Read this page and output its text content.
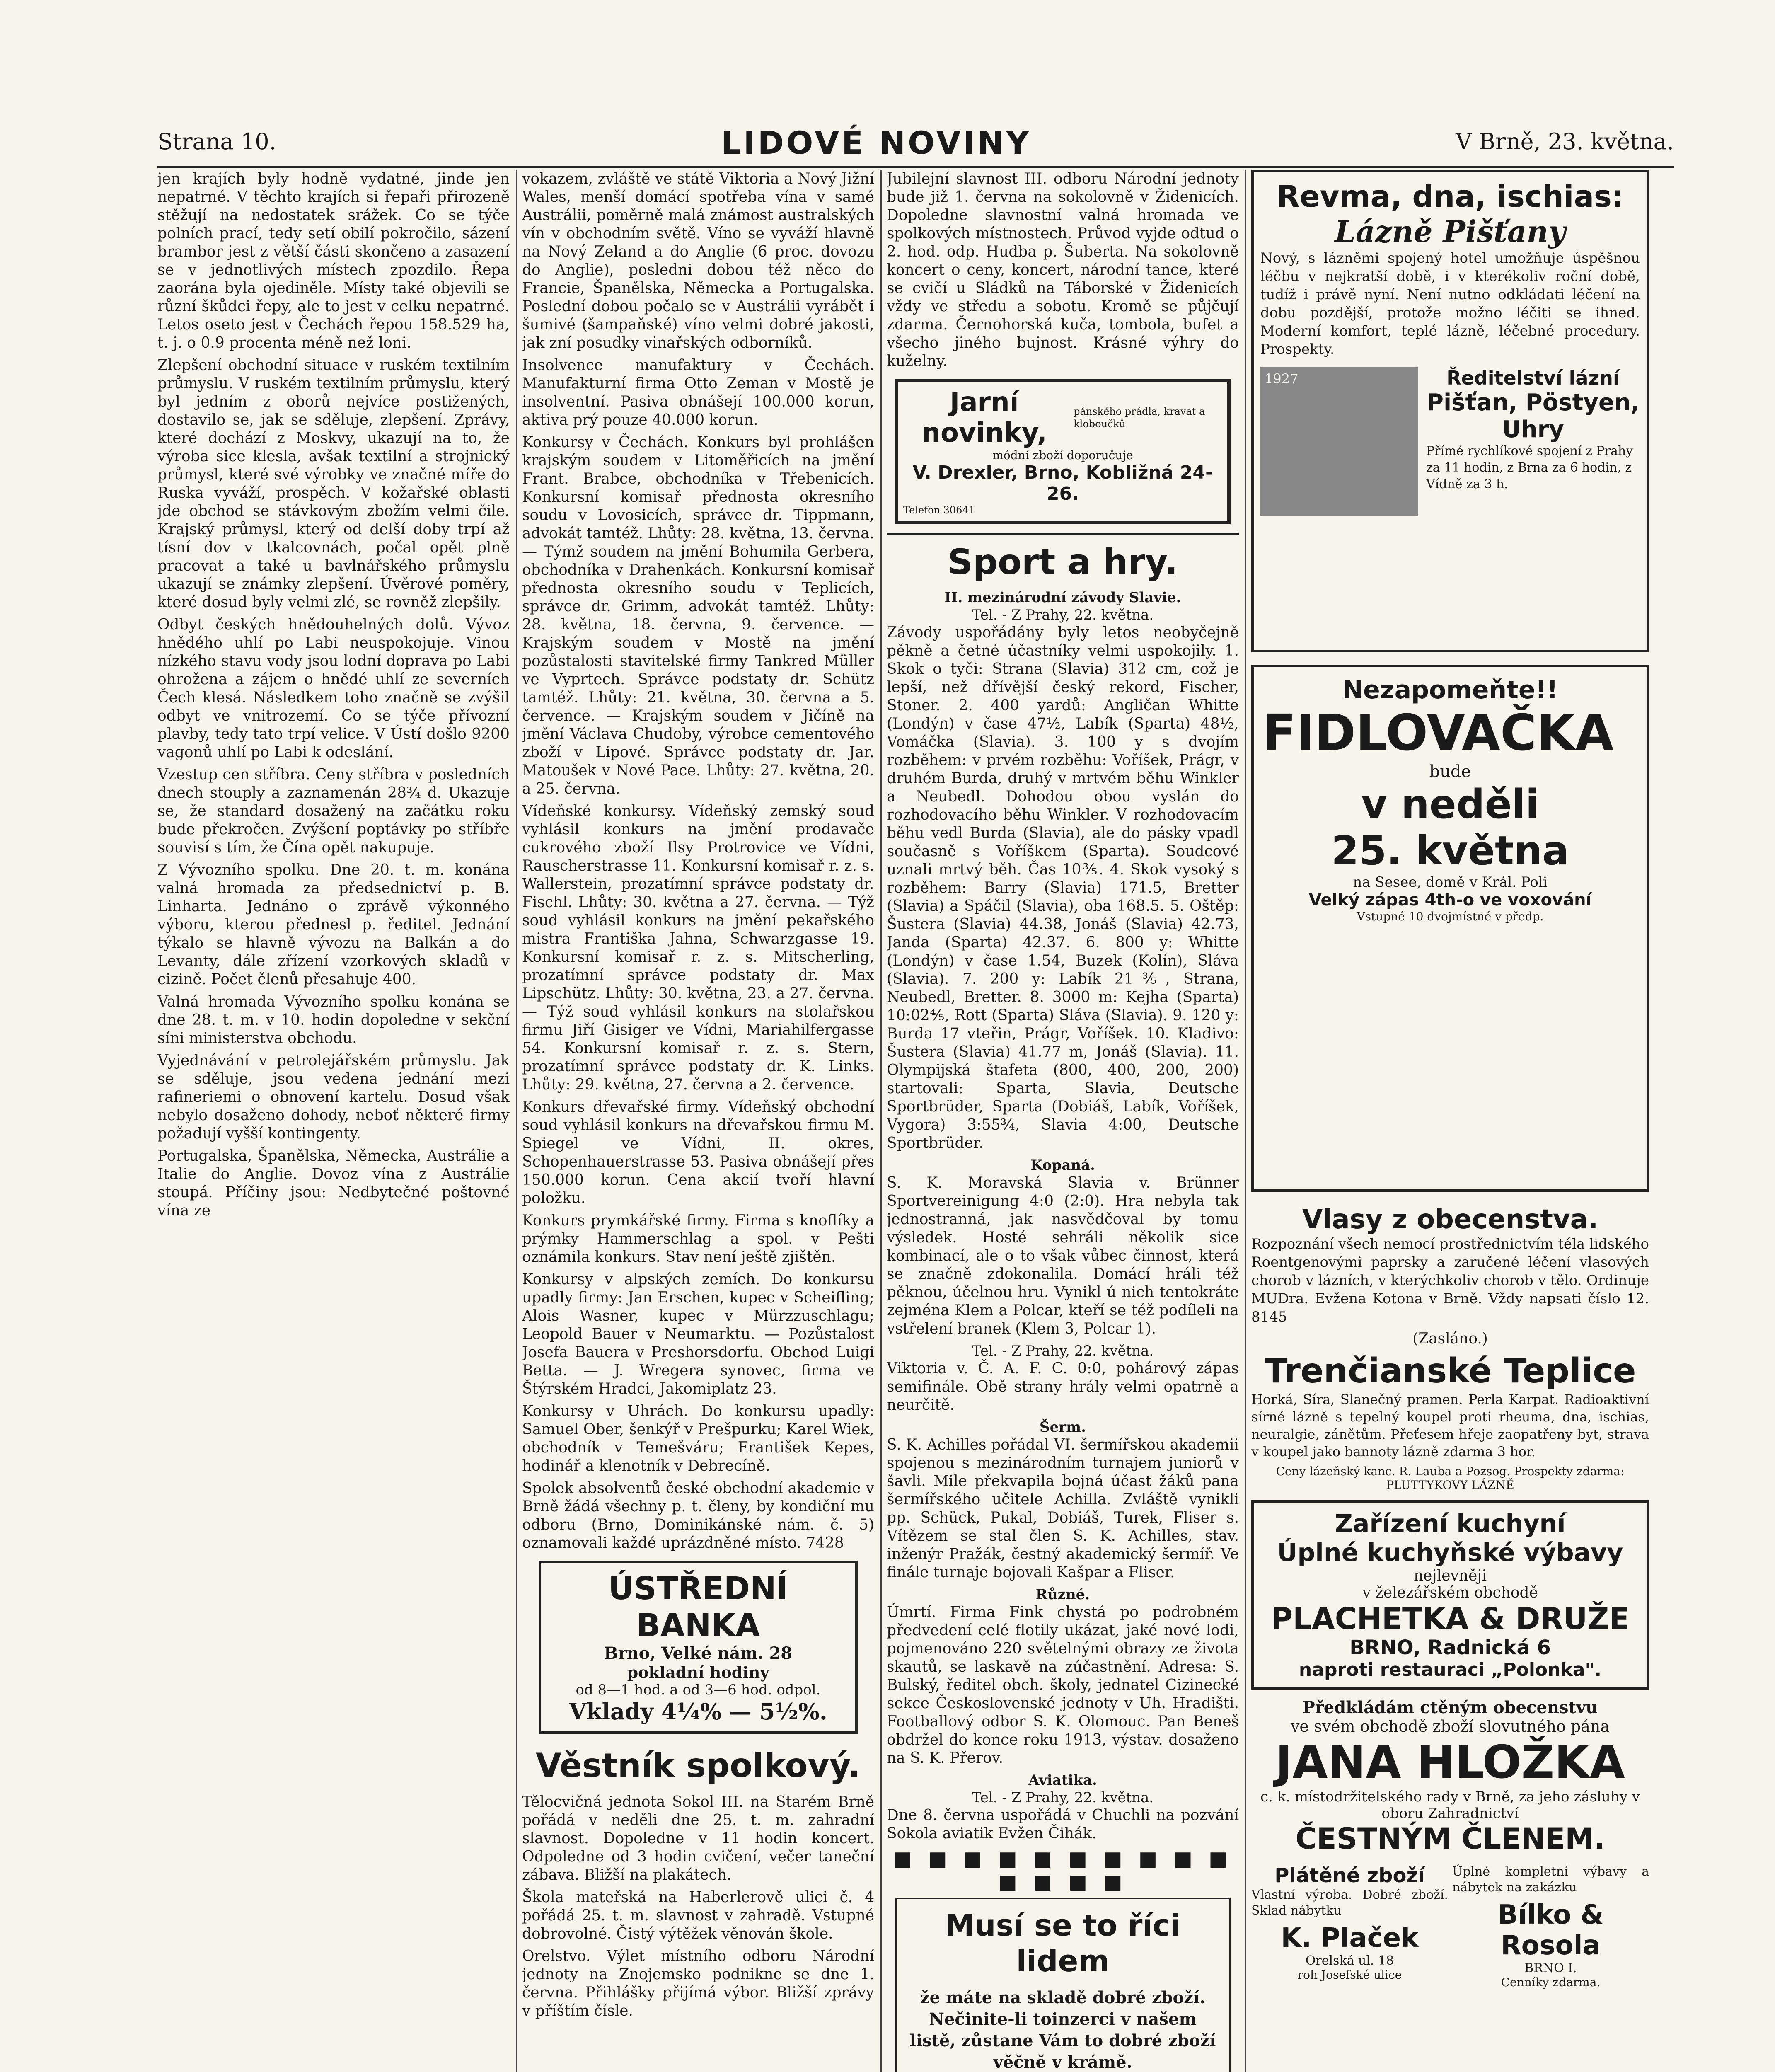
Strana 10.	LIDOVÉ NOVINY	V Brně, 23. května.

jen krajích byly hodně vydatné, jinde jen nepatrné. V těchto krajích si řepaři přirozeně stěžují na nedostatek srážek. Co se týče polních prací, tedy setí obilí pokročilo, sázení brambor jest z větší části skončeno a zasazení se v jednotlivých místech zpozdilo. Řepa zaorána byla ojediněle. Místy také objevili se různí škůdci řepy, ale to jest v celku nepatrné. Letos oseto jest v Čechách řepou 158.529 ha, t. j. o 0.9 procenta méně než loni.

Zlepšení obchodní situace v ruském textilním průmyslu. V ruském textilním průmyslu, který byl jedním z oborů nejvíce postižených, dostavilo se, jak se sděluje, zlepšení. Zprávy, které dochází z Moskvy, ukazují na to, že výroba sice klesla, avšak textilní a strojnický průmysl, které své výrobky ve značné míře do Ruska vyváží, prospěch. V kožařské oblasti jde obchod se stávkovým zbožím velmi čile. Krajský průmysl, který od delší doby trpí až tísní dov v tkalcovnách, počal opět plně pracovat a také u bavlnářského průmyslu ukazují se známky zlepšení. Úvěrové poměry, které dosud byly velmi zlé, se rovněž zlepšily.

Odbyt českých hnědouhelných dolů. Vývoz hnědého uhlí po Labi neuspokojuje. Vinou nízkého stavu vody jsou lodní doprava po Labi ohrožena a zájem o hnědé uhlí ze severních Čech klesá. Následkem toho značně se zvýšil odbyt ve vnitrozemí. Co se týče přívozní plavby, tedy tato trpí velice. V Ústí došlo 9200 vagonů uhlí po Labi k odeslání.

Vzestup cen stříbra. Ceny stříbra v posledních dnech stouply a zaznamenán 28¾ d. Ukazuje se, že standard dosažený na začátku roku bude překročen. Zvýšení poptávky po stříbře souvisí s tím, že Čína opět nakupuje.

Z Vývozního spolku. Dne 20. t. m. konána valná hromada za předsednictví p. B. Linharta. Jednáno o zprávě výkonného výboru, kterou přednesl p. ředitel. Jednání týkalo se hlavně vývozu na Balkán a do Levanty, dále zřízení vzorkových skladů v cizině. Počet členů přesahuje 400.

Valná hromada Vývozního spolku konána se dne 28. t. m. v 10. hodin dopoledne v sekční síni ministerstva obchodu.

Vyjednávání v petrolejářském průmyslu. Jak se sděluje, jsou vedena jednání mezi rafineriemi o obnovení kartelu. Dosud však nebylo dosaženo dohody, neboť některé firmy požadují vyšší kontingenty.

Portugalska, Španělska, Německa, Austrálie a Italie do Anglie. Dovoz vína z Austrálie stoupá. Příčiny jsou: Nedbytečné poštovné vína ze

vokazem, zvláště ve státě Viktoria a Nový Jižní Wales, menší domácí spotřeba vína v samé Austrálii, poměrně malá známost australských vín v obchodním světě. Víno se vyváží hlavně na Nový Zeland a do Anglie (6 proc. dovozu do Anglie), posledni dobou též něco do Francie, Španělska, Německa a Portugalska. Poslední dobou počalo se v Austrálii vyrábět i šumivé (šampaňské) víno velmi dobré jakosti, jak zní posudky vinařských odborníků.

Insolvence manufaktury v Čechách. Manufakturní firma Otto Zeman v Mostě je insolventní. Pasiva obnášejí 100.000 korun, aktiva prý pouze 40.000 korun.

Konkursy v Čechách. Konkurs byl prohlášen krajským soudem v Litoměřicích na jmění Frant. Brabce, obchodníka v Třebenicích. Konkursní komisař přednosta okresního soudu v Lovosicích, správce dr. Tippmann, advokát tamtéž. Lhůty: 28. května, 13. června. — Týmž soudem na jmění Bohumila Gerbera, obchodníka v Drahenkách. Konkursní komisař přednosta okresního soudu v Teplicích, správce dr. Grimm, advokát tamtéž. Lhůty: 28. května, 18. června, 9. července. — Krajským soudem v Mostě na jmění pozůstalosti stavitelské firmy Tankred Müller ve Vyprtech. Správce podstaty dr. Schütz tamtéž. Lhůty: 21. května, 30. června a 5. července. — Krajským soudem v Jičíně na jmění Václava Chudoby, výrobce cementového zboží v Lipové. Správce podstaty dr. Jar. Matoušek v Nové Pace. Lhůty: 27. května, 20. a 25. června.

Vídeňské konkursy. Vídeňský zemský soud vyhlásil konkurs na jmění prodavače cukrového zboží Ilsy Protrovice ve Vídni, Rauscherstrasse 11. Konkursní komisař r. z. s. Wallerstein, prozatímní správce podstaty dr. Fischl. Lhůty: 30. května a 27. června. — Týž soud vyhlásil konkurs na jmění pekařského mistra Františka Jahna, Schwarzgasse 19. Konkursní komisař r. z. s. Mitscherling, prozatímní správce podstaty dr. Max Lipschütz. Lhůty: 30. května, 23. a 27. června. — Týž soud vyhlásil konkurs na stolařskou firmu Jiří Gisiger ve Vídni, Mariahilfergasse 54. Konkursní komisař r. z. s. Stern, prozatímní správce podstaty dr. K. Links. Lhůty: 29. května, 27. června a 2. července.

Konkurs dřevařské firmy. Vídeňský obchodní soud vyhlásil konkurs na dřevařskou firmu M. Spiegel ve Vídni, II. okres, Schopenhauerstrasse 53. Pasiva obnášejí přes 150.000 korun. Cena akcií tvoří hlavní položku.

Konkurs prymkářské firmy. Firma s knoflíky a prýmky Hammerschlag a spol. v Pešti oznámila konkurs. Stav není ještě zjištěn.

Konkursy v alpských zemích. Do konkursu upadly firmy: Jan Erschen, kupec v Scheifling; Alois Wasner, kupec v Mürzzuschlagu; Leopold Bauer v Neumarktu. — Pozůstalost Josefa Bauera v Preshorsdorfu. Obchod Luigi Betta. — J. Wregera synovec, firma ve Štýrském Hradci, Jakomiplatz 23.

Konkursy v Uhrách. Do konkursu upadly: Samuel Ober, šenkýř v Prešpurku; Karel Wiek, obchodník v Temešváru; František Kepes, hodinář a klenotník v Debrecíně.

Spolek absolventů české obchodní akademie v Brně žádá všechny p. t. členy, by kondiční mu odboru (Brno, Dominikánské nám. č. 5) oznamovali každé uprázdněné místo. 7428

ÚSTŘEDNÍ BANKA
Brno, Velké nám. 28
pokladní hodiny
od 8—1 hod. a od 3—6 hod. odpol.
Vklady 4¼% — 5½%.
Věstník spolkový.

Tělocvičná jednota Sokol III. na Starém Brně pořádá v neděli dne 25. t. m. zahradní slavnost. Dopoledne v 11 hodin koncert. Odpoledne od 3 hodin cvičení, večer taneční zábava. Bližší na plakátech.

Škola mateřská na Haberlerově ulici č. 4 pořádá 25. t. m. slavnost v zahradě. Vstupné dobrovolné. Čistý výtěžek věnován škole.

Orelstvo. Výlet místního odboru Národní jednoty na Znojemsko podnikne se dne 1. června. Přihlášky přijímá výbor. Bližší zprávy v příštím čísle.

Jubilejní slavnost III. odboru Národní jednoty bude již 1. června na sokolovně v Židenicích. Dopoledne slavnostní valná hromada ve spolkových místnostech. Průvod vyjde odtud o 2. hod. odp. Hudba p. Šuberta. Na sokolovně koncert o ceny, koncert, národní tance, které se cvičí u Sládků na Táborské v Židenicích vždy ve středu a sobotu. Kromě se půjčují zdarma. Černohorská kuča, tombola, bufet a všecho jiného bujnost. Krásné výhry do kuželny.

Jarní novinky,
pánského prádla, kravat a kloboučků
módní zboží doporučuje
V. Drexler, Brno, Kobližná 24-26.
Telefon 30641
Sport a hry.
II. mezinárodní závody Slavie.
Tel. - Z Prahy, 22. května.

Závody uspořádány byly letos neobyčejně pěkně a četné účastníky velmi uspokojily. 1. Skok o tyči: Strana (Slavia) 312 cm, což je lepší, než dřívější český rekord, Fischer, Stoner. 2. 400 yardů: Angličan Whitte (Londýn) v čase 47½, Labík (Sparta) 48½, Vomáčka (Slavia). 3. 100 y s dvojím rozběhem: v prvém rozběhu: Voříšek, Prágr, v druhém Burda, druhý v mrtvém běhu Winkler a Neubedl. Dohodou obou vyslán do rozhodovacího běhu Winkler. V rozhodovacím běhu vedl Burda (Slavia), ale do pásky vpadl současně s Voříškem (Sparta). Soudcové uznali mrtvý běh. Čas 10⅗. 4. Skok vysoký s rozběhem: Barry (Slavia) 171.5, Bretter (Slavia) a Spáčil (Slavia), oba 168.5. 5. Oštěp: Šustera (Slavia) 44.38, Jonáš (Slavia) 42.73, Janda (Sparta) 42.37. 6. 800 y: Whitte (Londýn) v čase 1.54, Buzek (Kolín), Sláva (Slavia). 7. 200 y: Labík 21⅗, Strana, Neubedl, Bretter. 8. 3000 m: Kejha (Sparta) 10:02⅘, Rott (Sparta) Sláva (Slavia). 9. 120 y: Burda 17 vteřin, Prágr, Voříšek. 10. Kladivo: Šustera (Slavia) 41.77 m, Jonáš (Slavia). 11. Olympijská štafeta (800, 400, 200, 200) startovali: Sparta, Slavia, Deutsche Sportbrüder, Sparta (Dobiáš, Labík, Voříšek, Vygora) 3:55¾, Slavia 4:00, Deutsche Sportbrüder.

Kopaná.

S. K. Moravská Slavia v. Brünner Sportvereinigung 4:0 (2:0). Hra nebyla tak jednostranná, jak nasvědčoval by tomu výsledek. Hosté sehráli několik sice kombinací, ale o to však vůbec činnost, která se značně zdokonalila. Domácí hráli též pěknou, účelnou hru. Vynikl ú nich tentokráte zejména Klem a Polcar, kteří se též podíleli na vstřelení branek (Klem 3, Polcar 1).

Tel. - Z Prahy, 22. května.

Viktoria v. Č. A. F. C. 0:0, pohárový zápas semifinále. Obě strany hrály velmi opatrně a neurčitě.

Šerm.

S. K. Achilles pořádal VI. šermířskou akademii spojenou s mezinárodním turnajem juniorů v šavli. Mile překvapila bojná účast žáků pana šermířského učitele Achilla. Zvláště vynikli pp. Schück, Pukal, Dobiáš, Turek, Fliser s. Vítězem se stal člen S. K. Achilles, stav. inženýr Pražák, čestný akademický šermíř. Ve finále turnaje bojovali Kašpar a Fliser.

Různé.

Úmrtí. Firma Fink chystá po podrobném předvedení celé flotily ukázat, jaké nové lodi, pojmenováno 220 světelnými obrazy ze života skautů, se laskavě na zúčastnění. Adresa: S. Bulský, ředitel obch. školy, jednatel Cizinecké sekce Československé jednoty v Uh. Hradišti. Footballový odbor S. K. Olomouc. Pan Beneš obdržel do konce roku 1913, výstav. dosaženo na S. K. Přerov.

Aviatika.
Tel. - Z Prahy, 22. května.

Dne 8. června uspořádá v Chuchli na pozvání Sokola aviatik Evžen Čihák.

■ ■ ■ ■ ■ ■ ■ ■ ■ ■ ■ ■ ■ ■
Musí se to říci lidem
že máte na skladě dobré zboží. Nečinite-li toinzerci v našem listě, zůstane Vám to dobré zboží věčně v krámě.
Revma, dna, ischias:
Lázně Pišťany

Nový, s lázněmi spojený hotel umožňuje úspěšnou léčbu v nejkratší době, i v kterékoliv roční době, tudíž i právě nyní. Není nutno odkládati léčení na dobu pozdější, protože možno léčiti se ihned. Moderní komfort, teplé lázně, léčebné procedury. Prospekty.

1927	Ředitelství lázní
Pišťan, Pöstyen, Uhry
Přímé rychlíkové spojení z Prahy za 11 hodin, z Brna za 6 hodin, z Vídně za 3 h.
Nezapomeňte!!
FIDLOVAČKA
bude
v neděli
25. května
na Sesee, domě v Král. Poli
Velký zápas 4th-o ve voxování
Vstupné 10 dvojmístné v předp.
Vlasy z obecenstva.

Rozpoznání všech nemocí prostřednictvím téla lidského Roentgenovými paprsky a zaručené léčení vlasových chorob v lázních, v kterýchkoliv chorob v tělo. Ordinuje MUDra. Evžena Kotona v Brně. Vždy napsati číslo 12. 8145

(Zasláno.)
Trenčianské Teplice

Horká, Síra, Slanečný pramen. Perla Karpat. Radioaktivní sírné lázně s tepelný koupel proti rheuma, dna, ischias, neuralgie, zánětům. Přeťesem hřeje zaopatřeny byt, strava v koupel jako bannoty lázně zdarma 3 hor.

Ceny lázeňský kanc. R. Lauba a Pozsog. Prospekty zdarma: PLUTTYKOVY LÁZNĚ
Zařízení kuchyní
Úplné kuchyňské výbavy
nejlevněji
v železářském obchodě
PLACHETKA & DRUŽE
BRNO, Radnická 6
naproti restauraci „Polonka".
Předkládám ctěným obecenstvu
ve svém obchodě zboží slovutného pána
JANA HLOŽKA
c. k. místodržitelského rady v Brně, za jeho zásluhy v oboru Zahradnictví
ČESTNÝM ČLENEM.
Plátěné zboží

Vlastní výroba. Dobré zboží. Sklad nábytku

K. Plaček
Orelská ul. 18
roh Josefské ulice

Úplné kompletní výbavy a nábytek na zakázku

Bílko & Rosola
BRNO I.
Cenníky zdarma.
